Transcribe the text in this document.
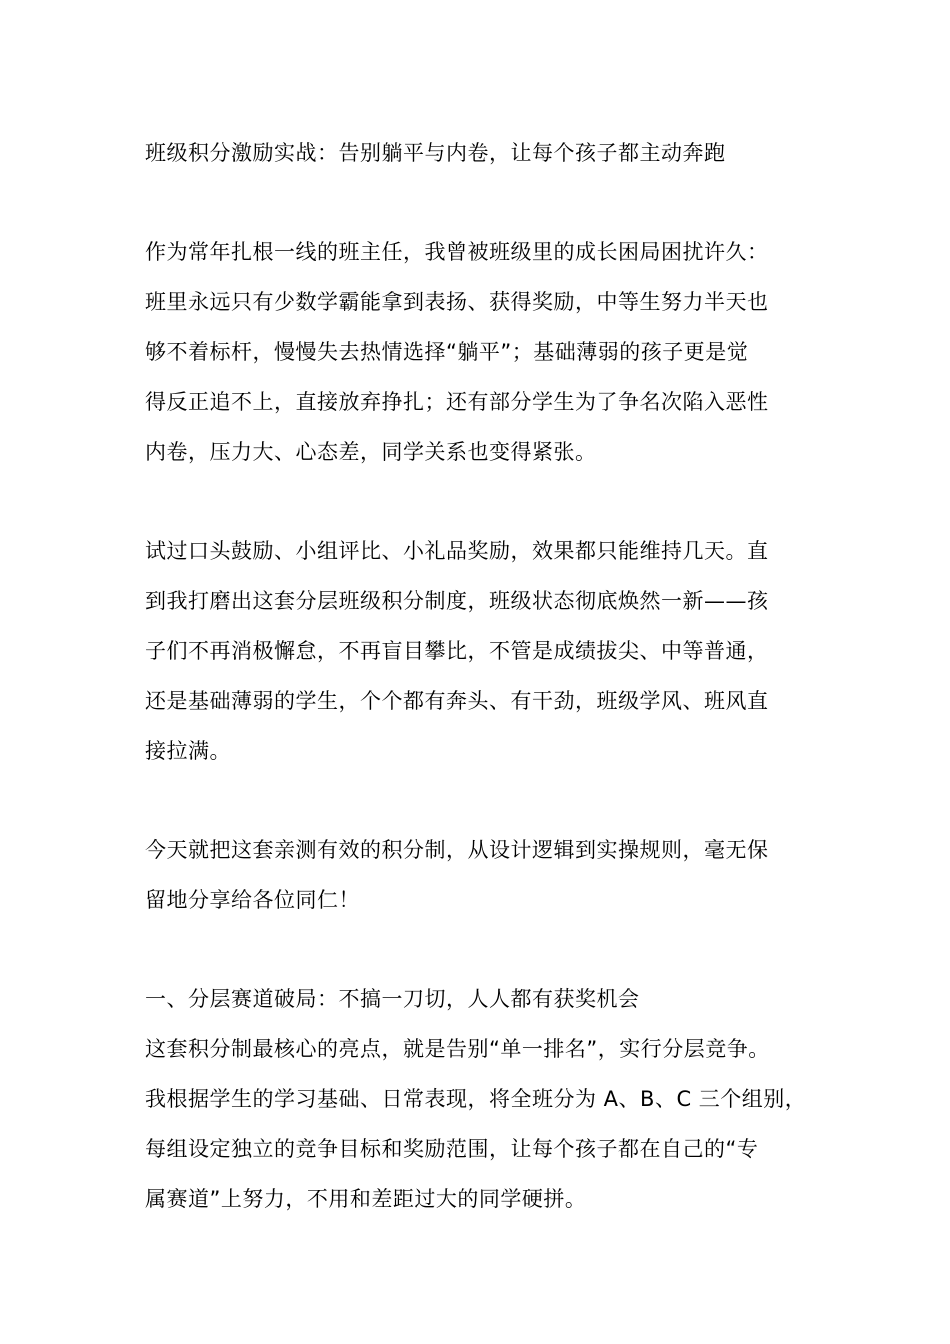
班级积分激励实战：告别躺平与内卷，让每个孩子都主动奔跑
作为常年扎根一线的班主任，我曾被班级里的成长困局困扰许久：
班里永远只有少数学霸能拿到表扬、获得奖励，中等生努力半天也
够不着标杆，慢慢失去热情选择“躺平”；基础薄弱的孩子更是觉
得反正追不上，直接放弃挣扎；还有部分学生为了争名次陷入恶性
内卷，压力大、心态差，同学关系也变得紧张。
试过口头鼓励、小组评比、小礼品奖励，效果都只能维持几天。直
到我打磨出这套分层班级积分制度，班级状态彻底焕然一新——孩
子们不再消极懈怠，不再盲目攀比，不管是成绩拔尖、中等普通，
还是基础薄弱的学生，个个都有奔头、有干劲，班级学风、班风直
接拉满。
今天就把这套亲测有效的积分制，从设计逻辑到实操规则，毫无保
留地分享给各位同仁！
一、分层赛道破局：不搞一刀切，人人都有获奖机会
这套积分制最核心的亮点，就是告别“单一排名”，实行分层竞争。
我根据学生的学习基础、日常表现，将全班分为 A、B、C 三个组别，
每组设定独立的竞争目标和奖励范围，让每个孩子都在自己的“专
属赛道”上努力，不用和差距过大的同学硬拼。
